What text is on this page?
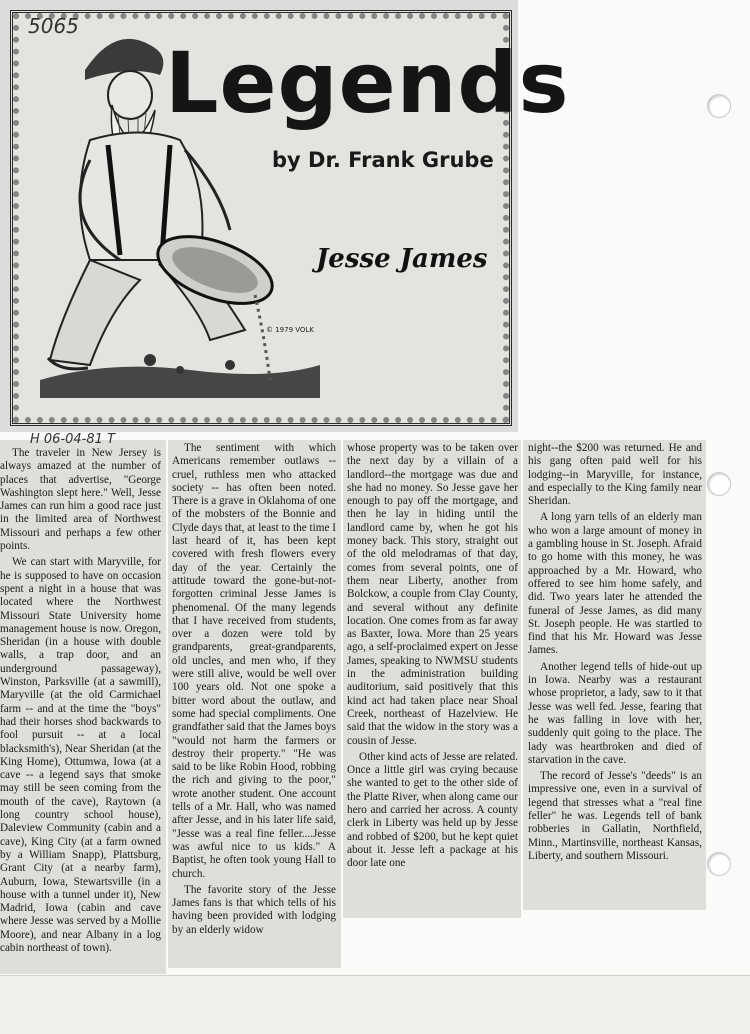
5065
Legends
by Dr. Frank Grube
Jesse James
© 1979 VOLK
H 06-04-81 T

The traveler in New Jersey is always amazed at the number of places that advertise, "George Washington slept here." Well, Jesse James can run him a good race just in the limited area of Northwest Missouri and perhaps a few other points.

We can start with Maryville, for he is supposed to have on occasion spent a night in a house that was located where the Northwest Missouri State University home management house is now. Oregon, Sheridan (in a house with double walls, a trap door, and an underground passageway), Winston, Parksville (at a sawmill), Maryville (at the old Carmichael farm -- and at the time the "boys" had their horses shod backwards to fool pursuit -- at a local blacksmith's), Near Sheridan (at the King Home), Ottumwa, Iowa (at a cave -- a legend says that smoke may still be seen coming from the mouth of the cave), Raytown (a long country school house), Daleview Community (cabin and a cave), King City (at a farm owned by a William Snapp), Plattsburg, Grant City (at a nearby farm), Auburn, Iowa, Stewartsville (in a house with a tunnel under it), New Madrid, Iowa (cabin and cave where Jesse was served by a Mollie Moore), and near Albany in a log cabin northeast of town).

The sentiment with which Americans remember outlaws -- cruel, ruthless men who attacked society -- has often been noted. There is a grave in Oklahoma of one of the mobsters of the Bonnie and Clyde days that, at least to the time I last heard of it, has been kept covered with fresh flowers every day of the year. Certainly the attitude toward the gone-but-not-forgotten criminal Jesse James is phenomenal. Of the many legends that I have received from students, over a dozen were told by grandparents, great-grandparents, old uncles, and men who, if they were still alive, would be well over 100 years old. Not one spoke a bitter word about the outlaw, and some had special compliments. One grandfather said that the James boys "would not harm the farmers or destroy their property." "He was said to be like Robin Hood, robbing the rich and giving to the poor," wrote another student. One account tells of a Mr. Hall, who was named after Jesse, and in his later life said, "Jesse was a real fine feller....Jesse was awful nice to us kids." A Baptist, he often took young Hall to church.

The favorite story of the Jesse James fans is that which tells of his having been provided with lodging by an elderly widow

whose property was to be taken over the next day by a villain of a landlord--the mortgage was due and she had no money. So Jesse gave her enough to pay off the mortgage, and then he lay in hiding until the landlord came by, when he got his money back. This story, straight out of the old melodramas of that day, comes from several points, one of them near Liberty, another from Bolckow, a couple from Clay County, and several without any definite location. One comes from as far away as Baxter, Iowa. More than 25 years ago, a self-proclaimed expert on Jesse James, speaking to NWMSU students in the administration building auditorium, said positively that this kind act had taken place near Shoal Creek, northeast of Hazelview. He said that the widow in the story was a cousin of Jesse.

Other kind acts of Jesse are related. Once a little girl was crying because she wanted to get to the other side of the Platte River, when along came our hero and carried her across. A county clerk in Liberty was held up by Jesse and robbed of $200, but he kept quiet about it. Jesse left a package at his door late one

night--the $200 was returned. He and his gang often paid well for his lodging--in Maryville, for instance, and especially to the King family near Sheridan.

A long yarn tells of an elderly man who won a large amount of money in a gambling house in St. Joseph. Afraid to go home with this money, he was approached by a Mr. Howard, who offered to see him home safely, and did. Two years later he attended the funeral of Jesse James, as did many St. Joseph people. He was startled to find that his Mr. Howard was Jesse James.

Another legend tells of hide-out up in Iowa. Nearby was a restaurant whose proprietor, a lady, saw to it that Jesse was well fed. Jesse, fearing that he was falling in love with her, suddenly quit going to the place. The lady was heartbroken and died of starvation in the cave.

The record of Jesse's "deeds" is an impressive one, even in a survival of legend that stresses what a "real fine feller" he was. Legends tell of bank robberies in Gallatin, Northfield, Minn., Martinsville, northeast Kansas, Liberty, and southern Missouri.
